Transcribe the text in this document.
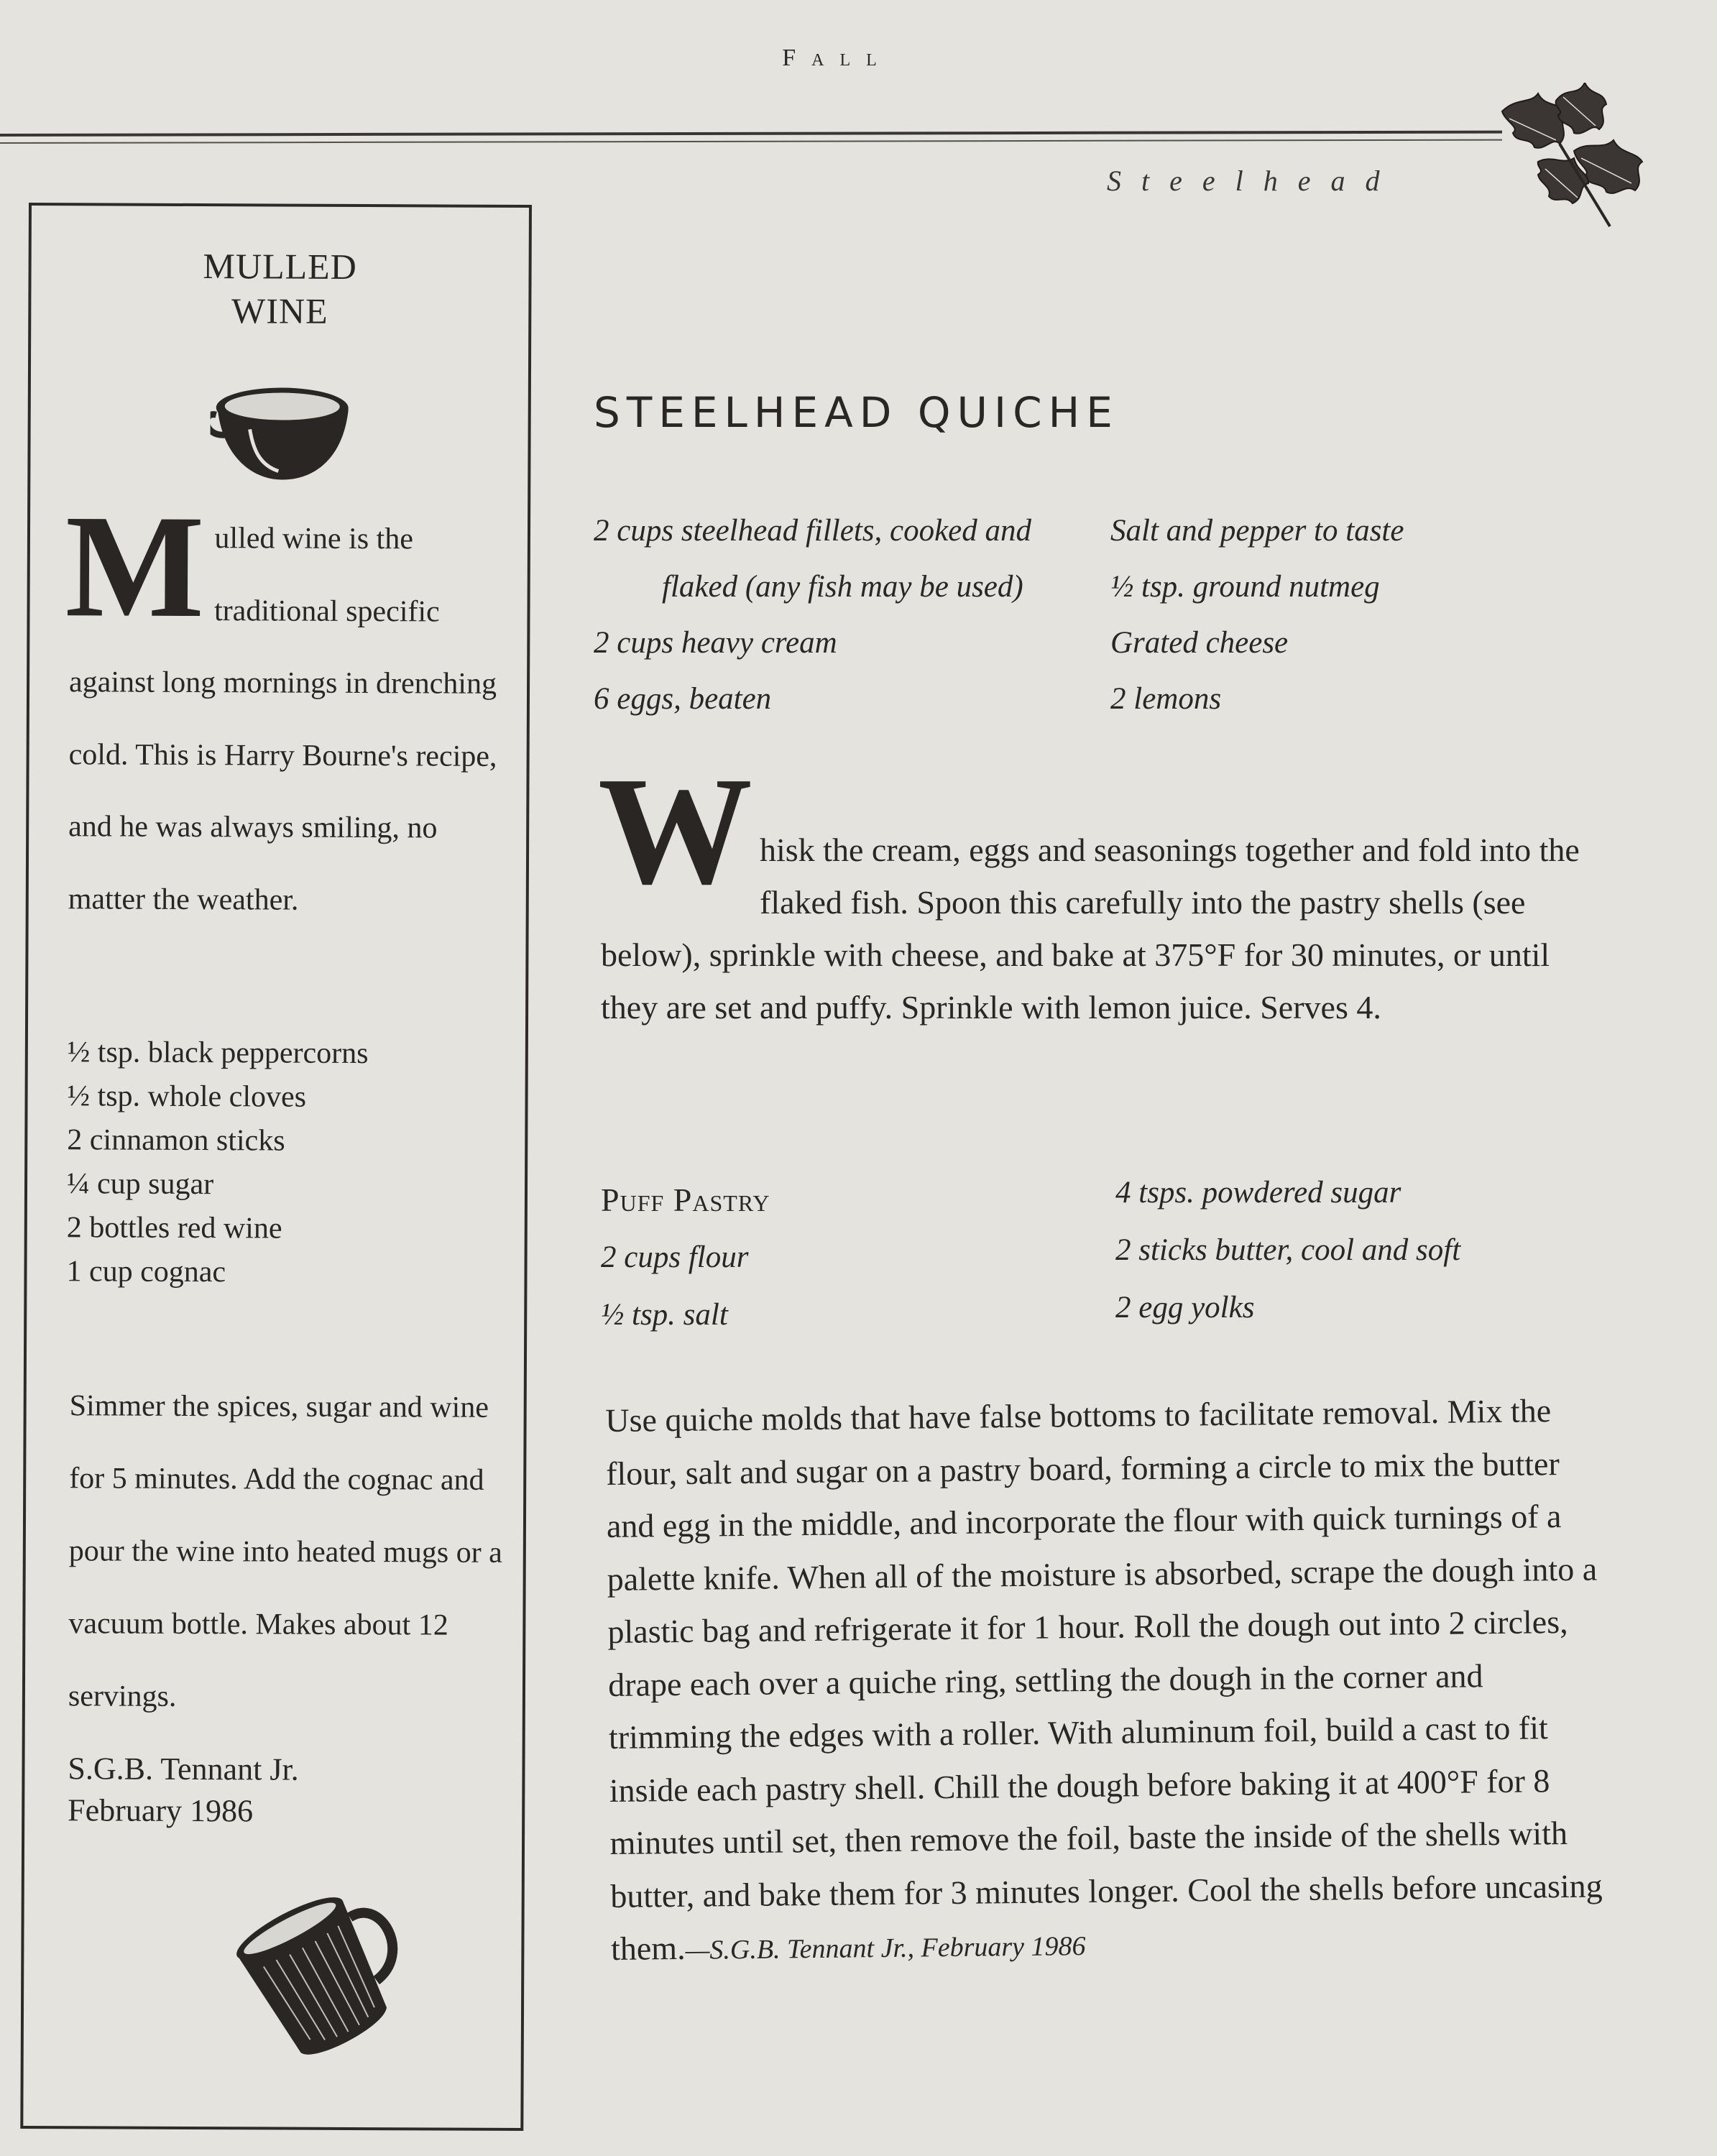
Fall
Steelhead
MULLED
WINE

Mulled wine is the traditional specific against long mornings in drenching cold. This is Harry Bourne's recipe, and he was always smiling, no matter the weather.

½ tsp. black peppercorns
½ tsp. whole cloves
2 cinnamon sticks
¼ cup sugar
2 bottles red wine
1 cup cognac

Simmer the spices, sugar and wine for 5 minutes. Add the cognac and pour the wine into heated mugs or a vacuum bottle. Makes about 12 servings.

S.G.B. Tennant Jr.
February 1986
STEELHEAD QUICHE
2 cups steelhead fillets, cooked and
flaked (any fish may be used)
2 cups heavy cream
6 eggs, beaten
Salt and pepper to taste
½ tsp. ground nutmeg
Grated cheese
2 lemons

Whisk the cream, eggs and seasonings together and fold into the flaked fish. Spoon this carefully into the pastry shells (see below), sprinkle with cheese, and bake at 375°F for 30 minutes, or until they are set and puffy. Sprinkle with lemon juice. Serves 4.

Puff Pastry
2 cups flour
½ tsp. salt
4 tsps. powdered sugar
2 sticks butter, cool and soft
2 egg yolks

Use quiche molds that have false bottoms to facilitate removal. Mix the flour, salt and sugar on a pastry board, forming a circle to mix the butter and egg in the middle, and incorporate the flour with quick turnings of a palette knife. When all of the moisture is absorbed, scrape the dough into a plastic bag and refrigerate it for 1 hour. Roll the dough out into 2 circles, drape each over a quiche ring, settling the dough in the corner and trimming the edges with a roller. With aluminum foil, build a cast to fit inside each pastry shell. Chill the dough before baking it at 400°F for 8 minutes until set, then remove the foil, baste the inside of the shells with butter, and bake them for 3 minutes longer. Cool the shells before uncasing them.—S.G.B. Tennant Jr., February 1986
